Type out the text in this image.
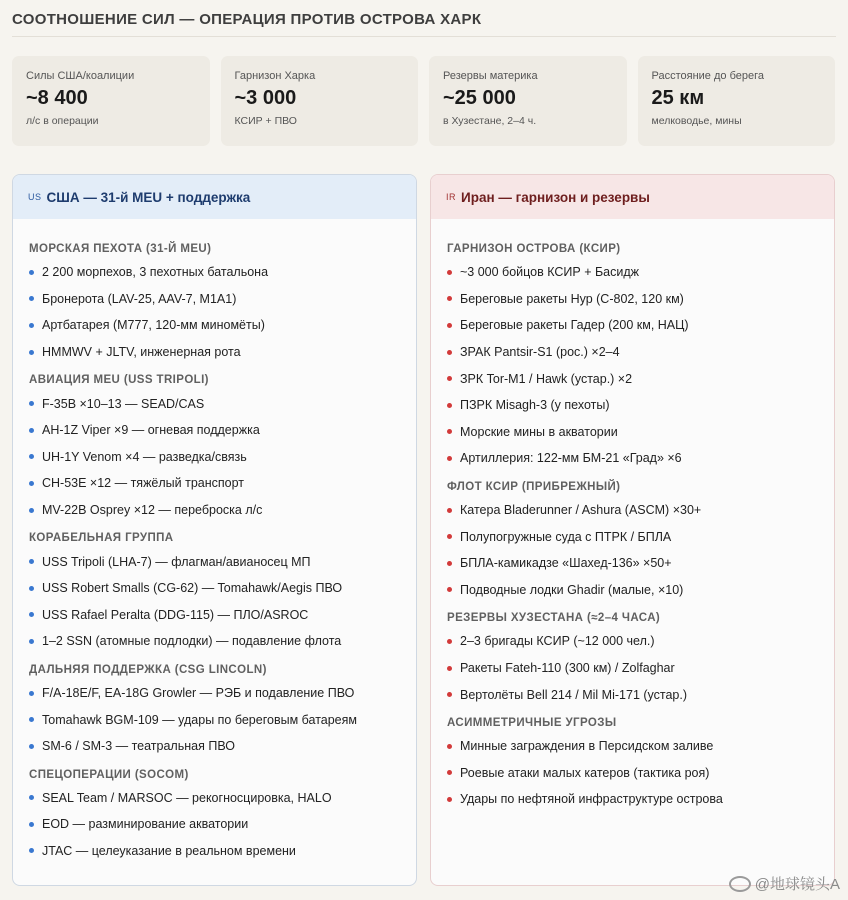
СООТНОШЕНИЕ СИЛ — ОПЕРАЦИЯ ПРОТИВ ОСТРОВА ХАРК
Силы США/коалиции
~8 400
л/с в операции
Гарнизон Харка
~3 000
КСИР + ПВО
Резервы материка
~25 000
в Хузестане, 2–4 ч.
Расстояние до берега
25 км
мелководье, мины
US США — 31-й MEU + поддержка
МОРСКАЯ ПЕХОТА (31-Й MEU)
2 200 морпехов, 3 пехотных батальона
Бронерота (LAV-25, AAV-7, M1A1)
Артбатарея (M777, 120-мм миномёты)
HMMWV + JLTV, инженерная рота
АВИАЦИЯ MEU (USS TRIPOLI)
F-35B ×10–13 — SEAD/CAS
AH-1Z Viper ×9 — огневая поддержка
UH-1Y Venom ×4 — разведка/связь
CH-53E ×12 — тяжёлый транспорт
MV-22B Osprey ×12 — переброска л/с
КОРАБЕЛЬНАЯ ГРУППА
USS Tripoli (LHA-7) — флагман/авианосец МП
USS Robert Smalls (CG-62) — Tomahawk/Aegis ПВО
USS Rafael Peralta (DDG-115) — ПЛО/ASROC
1–2 SSN (атомные подлодки) — подавление флота
ДАЛЬНЯЯ ПОДДЕРЖКА (CSG LINCOLN)
F/A-18E/F, EA-18G Growler — РЭБ и подавление ПВО
Tomahawk BGM-109 — удары по береговым батареям
SM-6 / SM-3 — театральная ПВО
СПЕЦОПЕРАЦИИ (SOCOM)
SEAL Team / MARSOC — рекогносцировка, HALO
EOD — разминирование акватории
JTAC — целеуказание в реальном времени
IR Иран — гарнизон и резервы
ГАРНИЗОН ОСТРОВА (КСИР)
~3 000 бойцов КСИР + Басидж
Береговые ракеты Нур (C-802, 120 км)
Береговые ракеты Гадер (200 км, НАЦ)
ЗРАК Pantsir-S1 (рос.) ×2–4
ЗРК Tor-M1 / Hawk (устар.) ×2
ПЗРК Misagh-3 (у пехоты)
Морские мины в акватории
Артиллерия: 122-мм БМ-21 «Град» ×6
ФЛОТ КСИР (ПРИБРЕЖНЫЙ)
Катера Bladerunner / Ashura (ASCM) ×30+
Полупогружные суда с ПТРК / БПЛА
БПЛА-камикадзе «Шахед-136» ×50+
Подводные лодки Ghadir (малые, ×10)
РЕЗЕРВЫ ХУЗЕСТАНА (≈2–4 ЧАСА)
2–3 бригады КСИР (~12 000 чел.)
Ракеты Fateh-110 (300 км) / Zolfaghar
Вертолёты Bell 214 / Mil Mi-171 (устар.)
АСИММЕТРИЧНЫЕ УГРОЗЫ
Минные заграждения в Персидском заливе
Роевые атаки малых катеров (тактика роя)
Удары по нефтяной инфраструктуре острова
@地球镜头A
